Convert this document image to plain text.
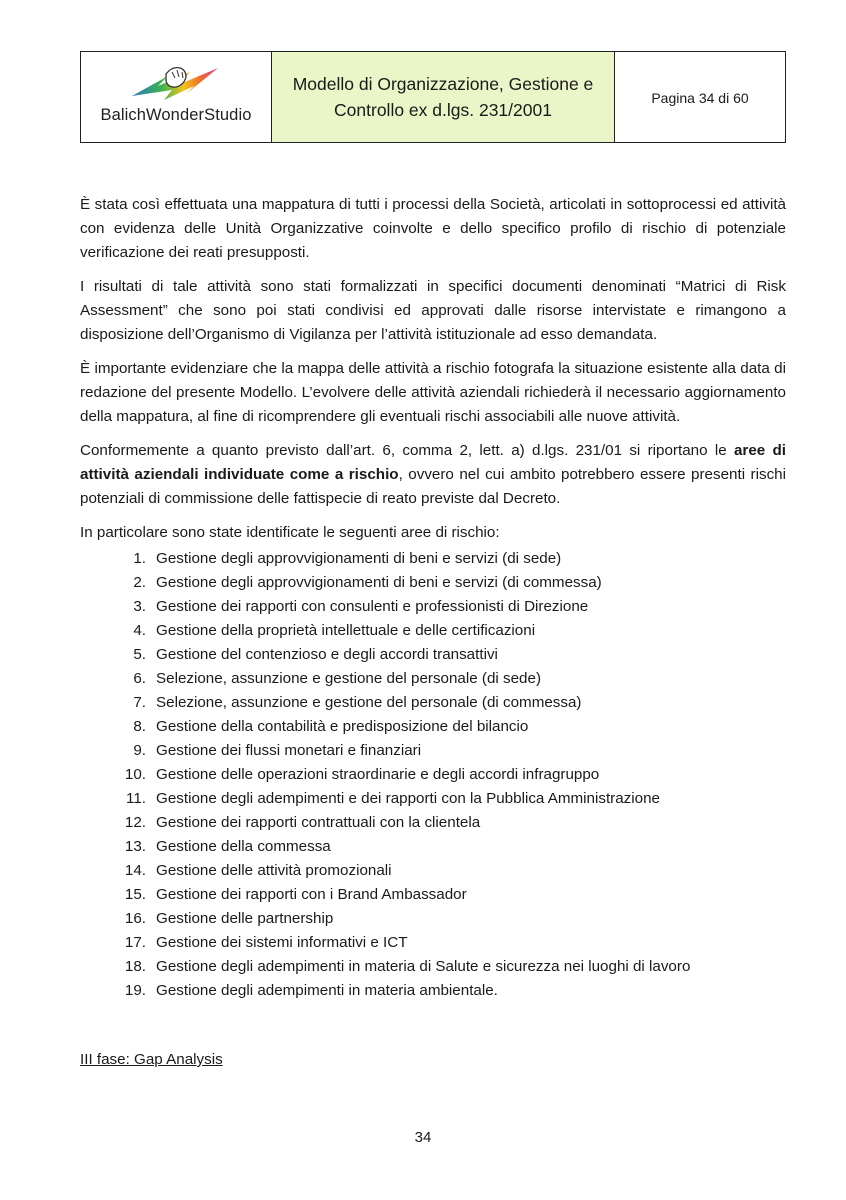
BalichWonderStudio
Modello di Organizzazione, Gestione e Controllo ex d.lgs. 231/2001
Pagina 34 di 60

È stata così effettuata una mappatura di tutti i processi della Società, articolati in sottoprocessi ed attività con evidenza delle Unità Organizzative coinvolte e dello specifico profilo di rischio di potenziale verificazione dei reati presupposti.

I risultati di tale attività sono stati formalizzati in specifici documenti denominati “Matrici di Risk Assessment” che sono poi stati condivisi ed approvati dalle risorse intervistate e rimangono a disposizione dell’Organismo di Vigilanza per l’attività istituzionale ad esso demandata.

È importante evidenziare che la mappa delle attività a rischio fotografa la situazione esistente alla data di redazione del presente Modello. L’evolvere delle attività aziendali richiederà il necessario aggiornamento della mappatura, al fine di ricomprendere gli eventuali rischi associabili alle nuove attività.

Conformemente a quanto previsto dall’art. 6, comma 2, lett. a) d.lgs. 231/01 si riportano le aree di attività aziendali individuate come a rischio, ovvero nel cui ambito potrebbero essere presenti rischi potenziali di commissione delle fattispecie di reato previste dal Decreto.

In particolare sono state identificate le seguenti aree di rischio:

1. Gestione degli approvvigionamenti di beni e servizi (di sede)
2. Gestione degli approvvigionamenti di beni e servizi (di commessa)
3. Gestione dei rapporti con consulenti e professionisti di Direzione
4. Gestione della proprietà intellettuale e delle certificazioni
5. Gestione del contenzioso e degli accordi transattivi
6. Selezione, assunzione e gestione del personale (di sede)
7. Selezione, assunzione e gestione del personale (di commessa)
8. Gestione della contabilità e predisposizione del bilancio
9. Gestione dei flussi monetari e finanziari
10. Gestione delle operazioni straordinarie e degli accordi infragruppo
11. Gestione degli adempimenti e dei rapporti con la Pubblica Amministrazione
12. Gestione dei rapporti contrattuali con la clientela
13. Gestione della commessa
14. Gestione delle attività promozionali
15. Gestione dei rapporti con i Brand Ambassador
16. Gestione delle partnership
17. Gestione dei sistemi informativi e ICT
18. Gestione degli adempimenti in materia di Salute e sicurezza nei luoghi di lavoro
19. Gestione degli adempimenti in materia ambientale.
III fase: Gap Analysis
34
